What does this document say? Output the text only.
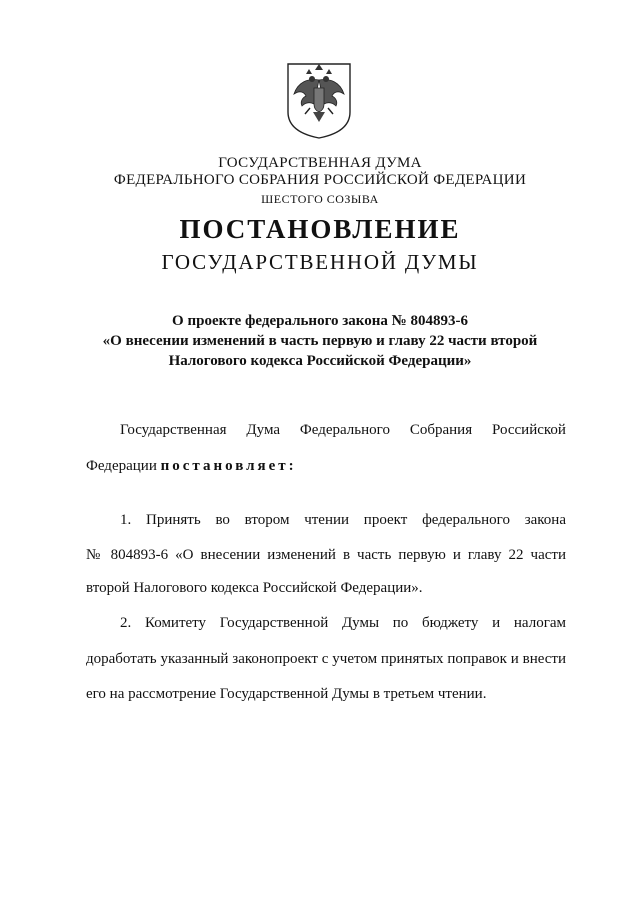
ГОСУДАРСТВЕННАЯ ДУМА
ФЕДЕРАЛЬНОГО СОБРАНИЯ РОССИЙСКОЙ ФЕДЕРАЦИИ
ШЕСТОГО СОЗЫВА
ПОСТАНОВЛЕНИЕ
ГОСУДАРСТВЕННОЙ ДУМЫ
О проекте федерального закона № 804893-6
«О внесении изменений в часть первую и главу 22 части второй
Налогового кодекса Российской Федерации»
Государственная Дума Федерального Собрания Российской
Федерации постановляет:
1. Принять во втором чтении проект федерального закона
№ 804893-6 «О внесении изменений в часть первую и главу 22 части
второй Налогового кодекса Российской Федерации».
2. Комитету Государственной Думы по бюджету и налогам
доработать указанный законопроект с учетом принятых поправок и внести
его на рассмотрение Государственной Думы в третьем чтении.
